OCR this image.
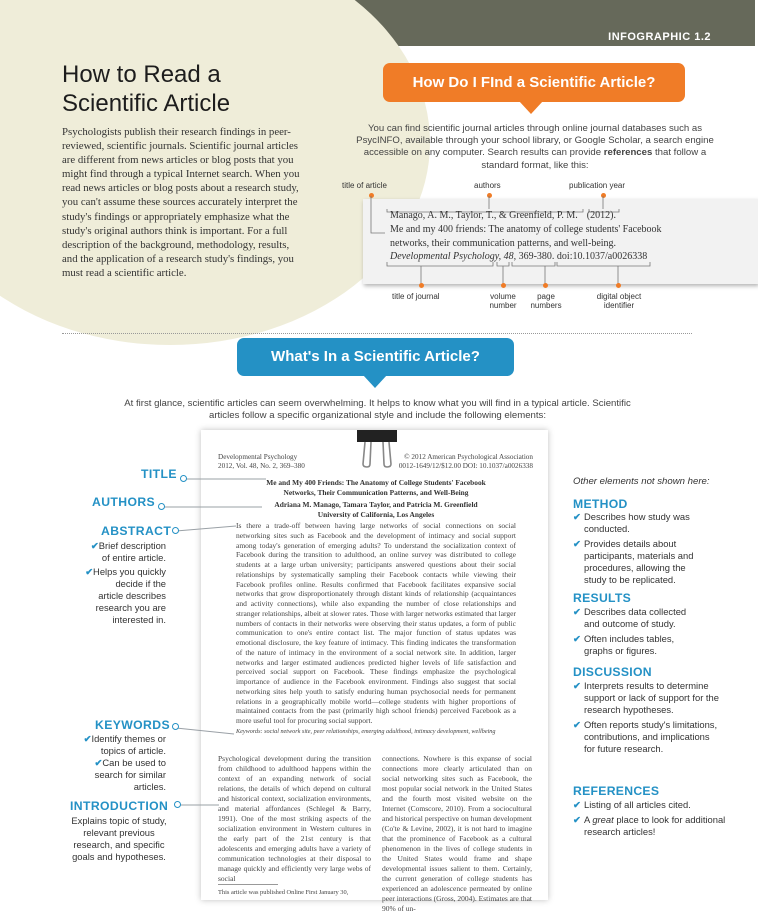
INFOGRAPHIC 1.2
How to Read a
Scientific Article

Psychologists publish their research findings in peer-reviewed, scientific journals. Scientific journal articles are different from news articles or blog posts that you might find through a typical Internet search. When you read news articles or blog posts about a research study, you can't assume these sources accurately interpret the study's findings or appropriately emphasize what the study's original authors think is important. For a full description of the background, methodology, results, and the application of a research study's findings, you must read a scientific article.

How Do I FInd a Scientific Article?

You can find scientific journal articles through online journal databases such as PsycINFO, available through your school library, or Google Scholar, a search engine accessible on any computer. Search results can provide references that follow a standard format, like this:

title of article	authors	publication year
Manago, A. M., Taylor, T., & Greenfield, P. M. (2012).
Me and my 400 friends: The anatomy of college students' Facebook
networks, their communication patterns, and well-being.
Developmental Psychology, 48, 369-380. doi:10.1037/a0026338
title of journal	volume
number
page
numbers
digital object
identifier
What's In a Scientific Article?

At first glance, scientific articles can seem overwhelming. It helps to know what you will find in a typical article. Scientific articles follow a specific organizational style and include the following elements:

Developmental Psychology
2012, Vol. 48, No. 2, 369–380
© 2012 American Psychological Association
0012-1649/12/$12.00 DOI: 10.1037/a0026338
Me and My 400 Friends: The Anatomy of College Students' Facebook
Networks, Their Communication Patterns, and Well-Being
Adriana M. Manago, Tamara Taylor, and Patricia M. Greenfield
University of California, Los Angeles

Is there a trade-off between having large networks of social connections on social networking sites such as Facebook and the development of intimacy and social support among today's generation of emerging adults? To understand the socialization context of Facebook during the transition to adulthood, an online survey was distributed to college students at a large urban university; participants answered questions about their social relationships by systematically sampling their Facebook contacts while viewing their Facebook profiles online. Results confirmed that Facebook facilitates expansive social networks that grow disproportionately through distant kinds of relationship (acquaintances and activity connections), while also expanding the number of close relationships and stranger relationships, albeit at slower rates. Those with larger networks estimated that larger numbers of contacts in their networks were observing their status updates, a form of public communication to one's entire contact list. The major function of status updates was emotional disclosure, the key feature of intimacy. This finding indicates the transformation of the nature of intimacy in the environment of a social network site. In addition, larger networks and larger estimated audiences predicted higher levels of life satisfaction and perceived social support on Facebook. These findings emphasize the psychological importance of audience in the Facebook environment. Findings also suggest that social networking sites help youth to satisfy enduring human psychosocial needs for permanent relations in a geographically mobile world—college students with higher proportions of maintained contacts from the past (primarily high school friends) perceived Facebook as a more useful tool for procuring social support.

Keywords: social network site, peer relationships, emerging adulthood, intimacy development, wellbeing

Psychological development during the transition from childhood to adulthood happens within the context of an expanding network of social relations, the details of which depend on cultural and historical context, socialization environments, and material affordances (Schlegel & Barry, 1991). One of the most striking aspects of the socialization environment in Western cultures in the early part of the 21st century is that adolescents and emerging adults have a variety of communication technologies at their disposal to manage quickly and efficiently very large webs of social

connections. Nowhere is this expanse of social connections more clearly articulated than on social networking sites such as Facebook, the most popular social network in the United States and the fourth most visited website on the Internet (Comscore, 2010). From a sociocultural and historical perspective on human development (Co'te & Levine, 2002), it is not hard to imagine that the prominence of Facebook as a cultural phenomenon in the lives of college students in the United States would frame and shape developmental issues salient to them. Certainly, the current generation of college students has experienced an adolescence permeated by online peer interactions (Gross, 2004). Estimates are that 90% of un-

This article was published Online First January 30,

TITLE
AUTHORS
ABSTRACT
✔ Brief description
of entire article.
✔ Helps you quickly
decide if the
article describes
research you are
interested in.
KEYWORDS
✔ Identify themes or
topics of article.
✔ Can be used to
search for similar
articles.
INTRODUCTION
Explains topic of study,
relevant previous
research, and specific
goals and hypotheses.
Other elements not shown here:
METHOD
✔ Describes how study was conducted.
✔ Provides details about participants, materials and procedures, allowing the study to be replicated.
RESULTS
✔ Describes data collected and outcome of study.
✔ Often includes tables, graphs or figures.
DISCUSSION
✔ Interprets results to determine support or lack of support for the research hypotheses.
✔ Often reports study's limitations, contributions, and implications for future research.
REFERENCES
✔ Listing of all articles cited.
✔ A great place to look for additional research articles!
